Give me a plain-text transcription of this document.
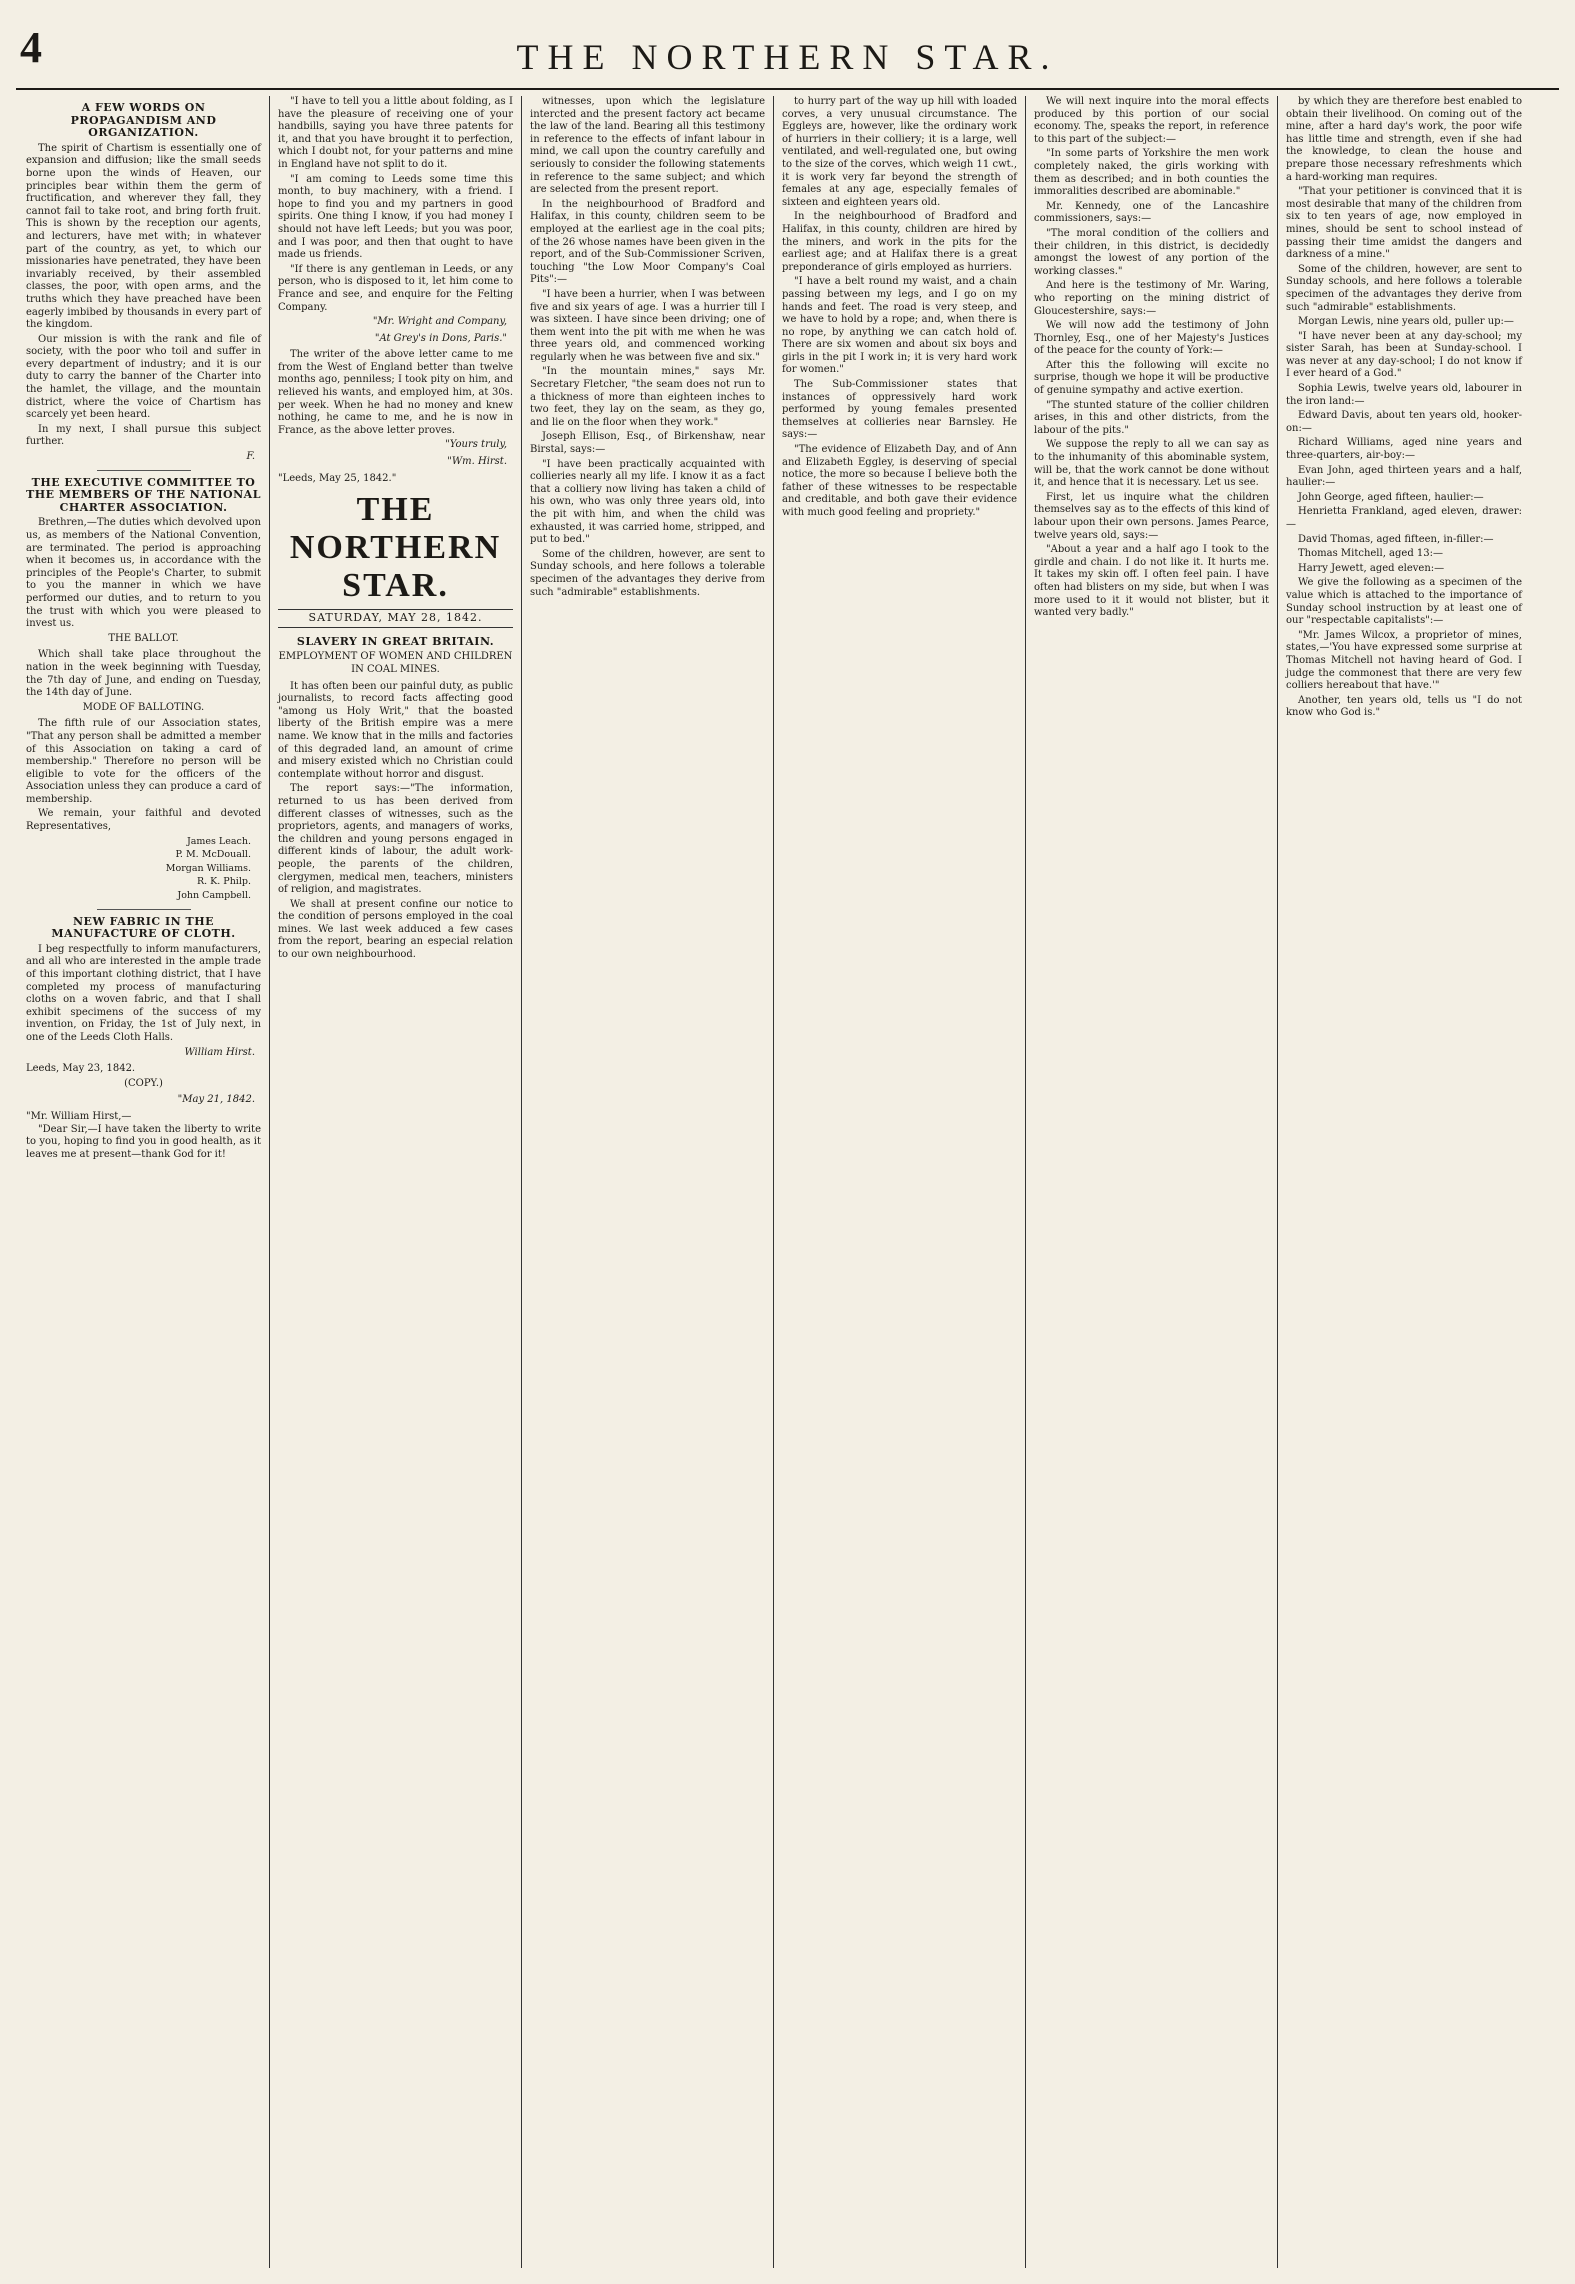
4	THE NORTHERN STAR.
A FEW WORDS ON PROPAGANDISM AND ORGANIZATION.

The spirit of Chartism is essentially one of expansion and diffusion; like the small seeds borne upon the winds of Heaven, our principles bear within them the germ of fructification, and wherever they fall, they cannot fail to take root, and bring forth fruit. This is shown by the reception our agents, and lecturers, have met with; in whatever part of the country, as yet, to which our missionaries have penetrated, they have been invariably received, by their assembled classes, the poor, with open arms, and the truths which they have preached have been eagerly imbibed by thousands in every part of the kingdom.

Our mission is with the rank and file of society, with the poor who toil and suffer in every department of industry; and it is our duty to carry the banner of the Charter into the hamlet, the village, and the mountain district, where the voice of Chartism has scarcely yet been heard.

In my next, I shall pursue this subject further.

F.
THE EXECUTIVE COMMITTEE TO THE MEMBERS OF THE NATIONAL CHARTER ASSOCIATION.

Brethren,—The duties which devolved upon us, as members of the National Convention, are terminated. The period is approaching when it becomes us, in accordance with the principles of the People's Charter, to submit to you the manner in which we have performed our duties, and to return to you the trust with which you were pleased to invest us.

THE BALLOT.

Which shall take place throughout the nation in the week beginning with Tuesday, the 7th day of June, and ending on Tuesday, the 14th day of June.

MODE OF BALLOTING.

The fifth rule of our Association states, "That any person shall be admitted a member of this Association on taking a card of membership." Therefore no person will be eligible to vote for the officers of the Association unless they can produce a card of membership.

We remain, your faithful and devoted Representatives,

James Leach.
P. M. McDouall.
Morgan Williams.
R. K. Philp.
John Campbell.
NEW FABRIC IN THE MANUFACTURE OF CLOTH.

I beg respectfully to inform manufacturers, and all who are interested in the ample trade of this important clothing district, that I have completed my process of manufacturing cloths on a woven fabric, and that I shall exhibit specimens of the success of my invention, on Friday, the 1st of July next, in one of the Leeds Cloth Halls.

William Hirst.
Leeds, May 23, 1842.
(COPY.)
"May 21, 1842.
"Mr. William Hirst,—

"Dear Sir,—I have taken the liberty to write to you, hoping to find you in good health, as it leaves me at present—thank God for it!

"I have to tell you a little about folding, as I have the pleasure of receiving one of your handbills, saying you have three patents for it, and that you have brought it to perfection, which I doubt not, for your patterns and mine in England have not split to do it.

"I am coming to Leeds some time this month, to buy machinery, with a friend. I hope to find you and my partners in good spirits. One thing I know, if you had money I should not have left Leeds; but you was poor, and I was poor, and then that ought to have made us friends.

"If there is any gentleman in Leeds, or any person, who is disposed to it, let him come to France and see, and enquire for the Felting Company.

"Mr. Wright and Company,
"At Grey's in Dons, Paris."

The writer of the above letter came to me from the West of England better than twelve months ago, penniless; I took pity on him, and relieved his wants, and employed him, at 30s. per week. When he had no money and knew nothing, he came to me, and he is now in France, as the above letter proves.

"Yours truly,
"Wm. Hirst.
"Leeds, May 25, 1842."
THE NORTHERN STAR.
SATURDAY, MAY 28, 1842.
SLAVERY IN GREAT BRITAIN.
EMPLOYMENT OF WOMEN AND CHILDREN IN COAL MINES.

It has often been our painful duty, as public journalists, to record facts affecting good "among us Holy Writ," that the boasted liberty of the British empire was a mere name. We know that in the mills and factories of this degraded land, an amount of crime and misery existed which no Christian could contemplate without horror and disgust.

The report says:—"The information, returned to us has been derived from different classes of witnesses, such as the proprietors, agents, and managers of works, the children and young persons engaged in different kinds of labour, the adult work-people, the parents of the children, clergymen, medical men, teachers, ministers of religion, and magistrates.

We shall at present confine our notice to the condition of persons employed in the coal mines. We last week adduced a few cases from the report, bearing an especial relation to our own neighbourhood.

witnesses, upon which the legislature intercted and the present factory act became the law of the land. Bearing all this testimony in reference to the effects of infant labour in mind, we call upon the country carefully and seriously to consider the following statements in reference to the same subject; and which are selected from the present report.

In the neighbourhood of Bradford and Halifax, in this county, children seem to be employed at the earliest age in the coal pits; of the 26 whose names have been given in the report, and of the Sub-Commissioner Scriven, touching "the Low Moor Company's Coal Pits":—

"I have been a hurrier, when I was between five and six years of age. I was a hurrier till I was sixteen. I have since been driving; one of them went into the pit with me when he was three years old, and commenced working regularly when he was between five and six."

"In the mountain mines," says Mr. Secretary Fletcher, "the seam does not run to a thickness of more than eighteen inches to two feet, they lay on the seam, as they go, and lie on the floor when they work."

Joseph Ellison, Esq., of Birkenshaw, near Birstal, says:—

"I have been practically acquainted with collieries nearly all my life. I know it as a fact that a colliery now living has taken a child of his own, who was only three years old, into the pit with him, and when the child was exhausted, it was carried home, stripped, and put to bed."

Some of the children, however, are sent to Sunday schools, and here follows a tolerable specimen of the advantages they derive from such "admirable" establishments.

to hurry part of the way up hill with loaded corves, a very unusual circumstance. The Eggleys are, however, like the ordinary work of hurriers in their colliery; it is a large, well ventilated, and well-regulated one, but owing to the size of the corves, which weigh 11 cwt., it is work very far beyond the strength of females at any age, especially females of sixteen and eighteen years old.

In the neighbourhood of Bradford and Halifax, in this county, children are hired by the miners, and work in the pits for the earliest age; and at Halifax there is a great preponderance of girls employed as hurriers.

"I have a belt round my waist, and a chain passing between my legs, and I go on my hands and feet. The road is very steep, and we have to hold by a rope; and, when there is no rope, by anything we can catch hold of. There are six women and about six boys and girls in the pit I work in; it is very hard work for women."

The Sub-Commissioner states that instances of oppressively hard work performed by young females presented themselves at collieries near Barnsley. He says:—

"The evidence of Elizabeth Day, and of Ann and Elizabeth Eggley, is deserving of special notice, the more so because I believe both the father of these witnesses to be respectable and creditable, and both gave their evidence with much good feeling and propriety."

We will next inquire into the moral effects produced by this portion of our social economy. The, speaks the report, in reference to this part of the subject:—

"In some parts of Yorkshire the men work completely naked, the girls working with them as described; and in both counties the immoralities described are abominable."

Mr. Kennedy, one of the Lancashire commissioners, says:—

"The moral condition of the colliers and their children, in this district, is decidedly amongst the lowest of any portion of the working classes."

And here is the testimony of Mr. Waring, who reporting on the mining district of Gloucestershire, says:—

We will now add the testimony of John Thornley, Esq., one of her Majesty's Justices of the peace for the county of York:—

After this the following will excite no surprise, though we hope it will be productive of genuine sympathy and active exertion.

"The stunted stature of the collier children arises, in this and other districts, from the labour of the pits."

We suppose the reply to all we can say as to the inhumanity of this abominable system, will be, that the work cannot be done without it, and hence that it is necessary. Let us see.

First, let us inquire what the children themselves say as to the effects of this kind of labour upon their own persons. James Pearce, twelve years old, says:—

"About a year and a half ago I took to the girdle and chain. I do not like it. It hurts me. It takes my skin off. I often feel pain. I have often had blisters on my side, but when I was more used to it it would not blister, but it wanted very badly."

by which they are therefore best enabled to obtain their livelihood. On coming out of the mine, after a hard day's work, the poor wife has little time and strength, even if she had the knowledge, to clean the house and prepare those necessary refreshments which a hard-working man requires.

"That your petitioner is convinced that it is most desirable that many of the children from six to ten years of age, now employed in mines, should be sent to school instead of passing their time amidst the dangers and darkness of a mine."

Some of the children, however, are sent to Sunday schools, and here follows a tolerable specimen of the advantages they derive from such "admirable" establishments.

Morgan Lewis, nine years old, puller up:—

"I have never been at any day-school; my sister Sarah, has been at Sunday-school. I was never at any day-school; I do not know if I ever heard of a God."

Sophia Lewis, twelve years old, labourer in the iron land:—

Edward Davis, about ten years old, hooker-on:—

Richard Williams, aged nine years and three-quarters, air-boy:—

Evan John, aged thirteen years and a half, haulier:—

John George, aged fifteen, haulier:—

Henrietta Frankland, aged eleven, drawer:—

David Thomas, aged fifteen, in-filler:—

Thomas Mitchell, aged 13:—

Harry Jewett, aged eleven:—

We give the following as a specimen of the value which is attached to the importance of Sunday school instruction by at least one of our "respectable capitalists":—

"Mr. James Wilcox, a proprietor of mines, states,—'You have expressed some surprise at Thomas Mitchell not having heard of God. I judge the commonest that there are very few colliers hereabout that have.'"

Another, ten years old, tells us "I do not know who God is."
